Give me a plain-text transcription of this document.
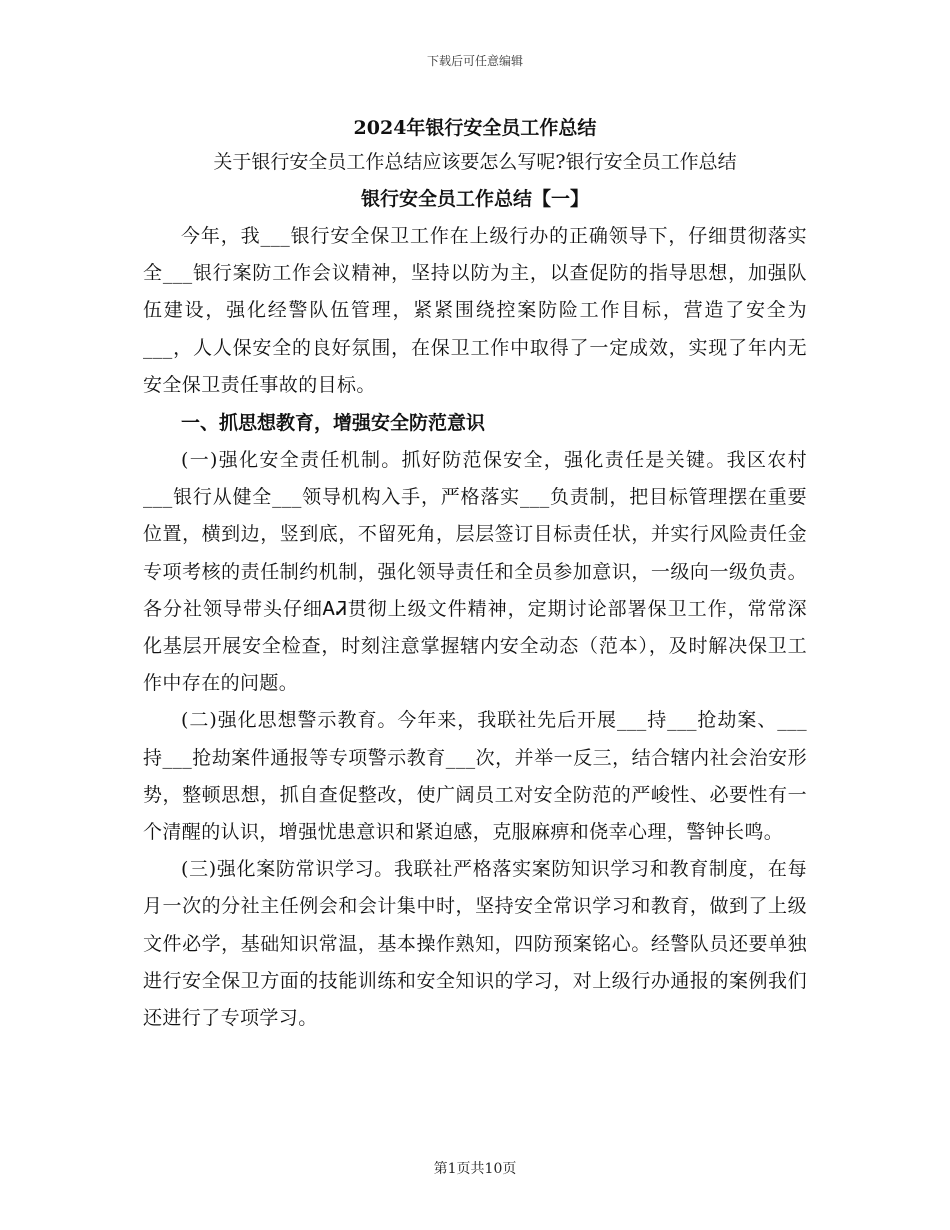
下载后可任意编辑

2024年银行安全员工作总结

关于银行安全员工作总结应该要怎么写呢?银行安全员工作总结

银行安全员工作总结【一】

今年，我___银行安全保卫工作在上级行办的正确领导下，仔细贯彻落实全___银行案防工作会议精神，坚持以防为主，以查促防的指导思想，加强队伍建设，强化经警队伍管理，紧紧围绕控案防险工作目标，营造了安全为___，人人保安全的良好氛围，在保卫工作中取得了一定成效，实现了年内无安全保卫责任事故的目标。

一、抓思想教育，增强安全防范意识

(一)强化安全责任机制。抓好防范保安全，强化责任是关键。我区农村___银行从健全___领导机构入手，严格落实___负责制，把目标管理摆在重要位置，横到边，竖到底，不留死角，层层签订目标责任状，并实行风险责任金专项考核的责任制约机制，强化领导责任和全员参加意识，一级向一级负责。各分社领导带头仔细ᎪᏘ贯彻上级文件精神，定期讨论部署保卫工作，常常深化基层开展安全检查，时刻注意掌握辖内安全动态（范本），及时解决保卫工作中存在的问题。

(二)强化思想警示教育。今年来，我联社先后开展___持___抢劫案、___持___抢劫案件通报等专项警示教育___次，并举一反三，结合辖内社会治安形势，整顿思想，抓自查促整改，使广阔员工对安全防范的严峻性、必要性有一个清醒的认识，增强忧患意识和紧迫感，克服麻痹和侥幸心理，警钟长鸣。

(三)强化案防常识学习。我联社严格落实案防知识学习和教育制度，在每月一次的分社主任例会和会计集中时，坚持安全常识学习和教育，做到了上级文件必学，基础知识常温，基本操作熟知，四防预案铭心。经警队员还要单独进行安全保卫方面的技能训练和安全知识的学习，对上级行办通报的案例我们还进行了专项学习。

第1页共10页
